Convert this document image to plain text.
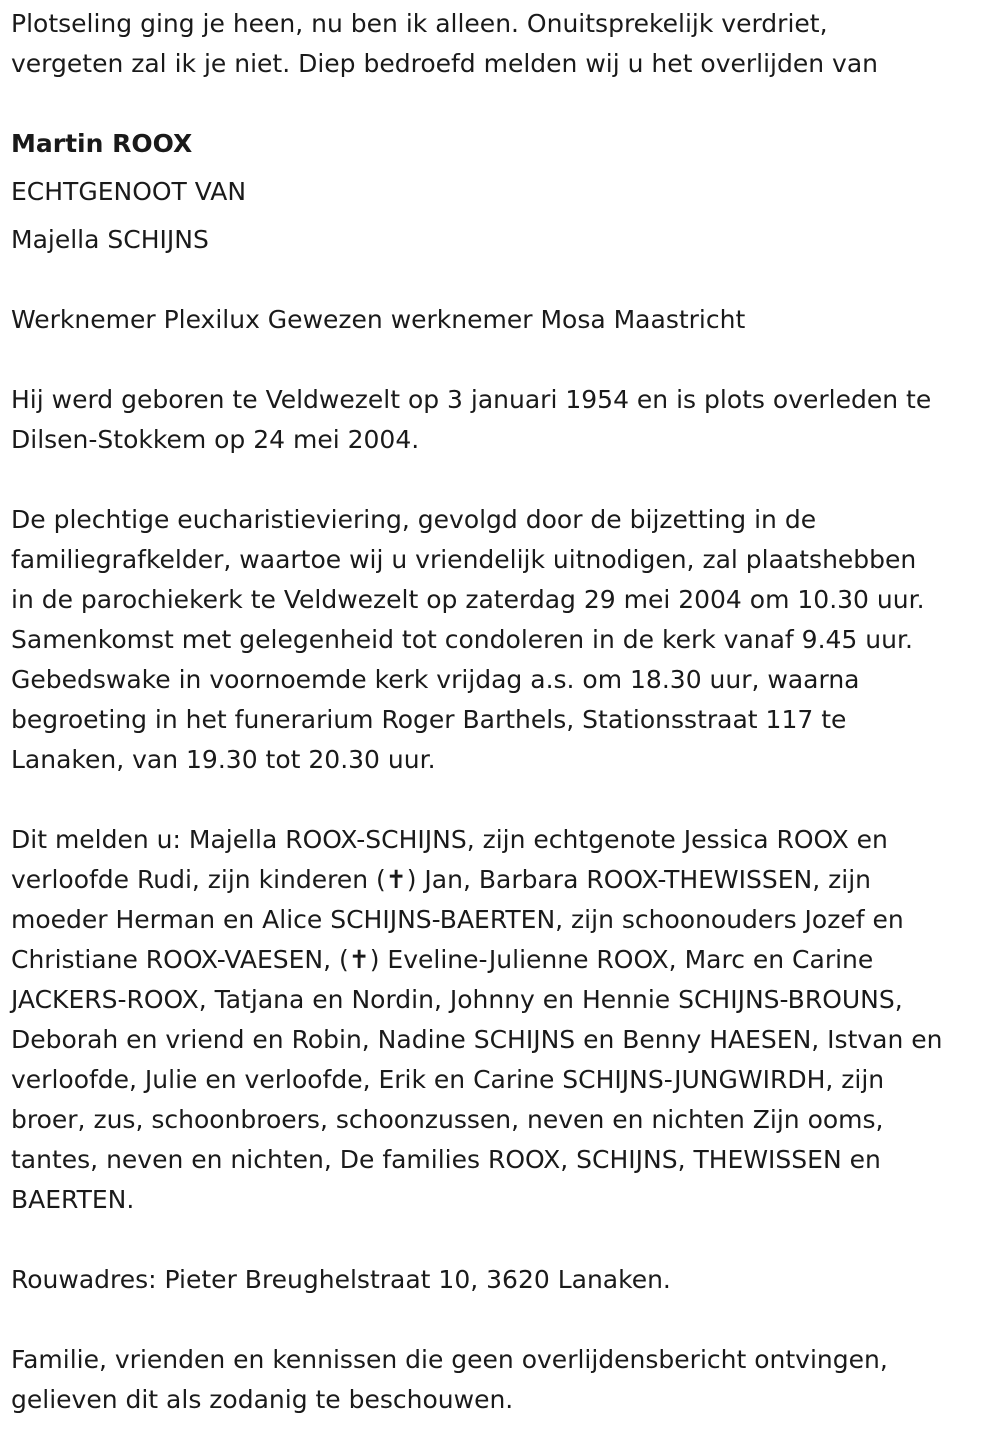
Plotseling ging je heen, nu ben ik alleen. Onuitsprekelijk verdriet,

vergeten zal ik je niet. Diep bedroefd melden wij u het overlijden van

Martin ROOX

ECHTGENOOT VAN

Majella SCHIJNS

Werknemer Plexilux Gewezen werknemer Mosa Maastricht

Hij werd geboren te Veldwezelt op 3 januari 1954 en is plots overleden te

Dilsen-Stokkem op 24 mei 2004.

De plechtige eucharistieviering, gevolgd door de bijzetting in de

familiegrafkelder, waartoe wij u vriendelijk uitnodigen, zal plaatshebben

in de parochiekerk te Veldwezelt op zaterdag 29 mei 2004 om 10.30 uur.

Samenkomst met gelegenheid tot condoleren in de kerk vanaf 9.45 uur.

Gebedswake in voornoemde kerk vrijdag a.s. om 18.30 uur, waarna

begroeting in het funerarium Roger Barthels, Stationsstraat 117 te

Lanaken, van 19.30 tot 20.30 uur.

Dit melden u: Majella ROOX-SCHIJNS, zijn echtgenote Jessica ROOX en

verloofde Rudi, zijn kinderen (✝) Jan, Barbara ROOX-THEWISSEN, zijn

moeder Herman en Alice SCHIJNS-BAERTEN, zijn schoonouders Jozef en

Christiane ROOX-VAESEN, (✝) Eveline-Julienne ROOX, Marc en Carine

JACKERS-ROOX, Tatjana en Nordin, Johnny en Hennie SCHIJNS-BROUNS,

Deborah en vriend en Robin, Nadine SCHIJNS en Benny HAESEN, Istvan en

verloofde, Julie en verloofde, Erik en Carine SCHIJNS-JUNGWIRDH, zijn

broer, zus, schoonbroers, schoonzussen, neven en nichten Zijn ooms,

tantes, neven en nichten, De families ROOX, SCHIJNS, THEWISSEN en

BAERTEN.

Rouwadres: Pieter Breughelstraat 10, 3620 Lanaken.

Familie, vrienden en kennissen die geen overlijdensbericht ontvingen,

gelieven dit als zodanig te beschouwen.
